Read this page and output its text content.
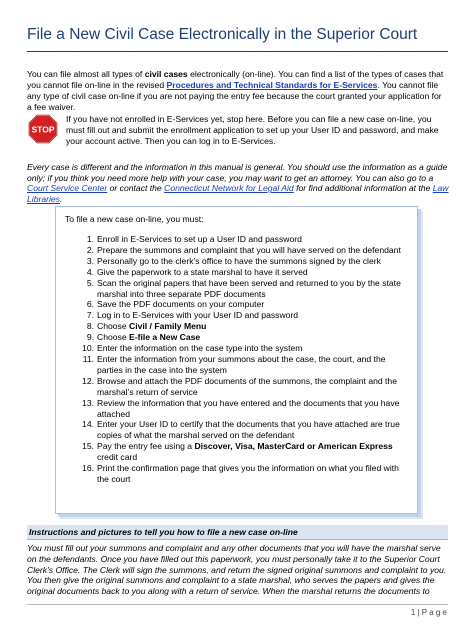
File a New Civil Case Electronically in the Superior Court
You can file almost all types of civil cases electronically (on-line). You can find a list of the types of cases that you cannot file on-line in the revised Procedures and Technical Standards for E-Services. You cannot file any type of civil case on-line if you are not paying the entry fee because the court granted your application for a fee waiver.
STOP
If you have not enrolled in E-Services yet, stop here. Before you can file a new case on-line, you must fill out and submit the enrollment application to set up your User ID and password, and make your account active. Then you can log in to E-Services.
Every case is different and the information in this manual is general. You should use the information as a guide only; if you think you need more help with your case, you may want to get an attorney. You can also go to a Court Service Center or contact the Connecticut Network for Legal Aid for find additional information at the Law Libraries.
To file a new case on-line, you must:
1. Enroll in E-Services to set up a User ID and password
2. Prepare the summons and complaint that you will have served on the defendant
3. Personally go to the clerk’s office to have the summons signed by the clerk
4. Give the paperwork to a state marshal to have it served
5. Scan the original papers that have been served and returned to you by the state marshal into three separate PDF documents
6. Save the PDF documents on your computer
7. Log in to E-Services with your User ID and password
8. Choose Civil / Family Menu
9. Choose E-file a New Case
10. Enter the information on the case type into the system
11. Enter the information from your summons about the case, the court, and the parties in the case into the system
12. Browse and attach the PDF documents of the summons, the complaint and the marshal’s return of service
13. Review the information that you have entered and the documents that you have attached
14. Enter your User ID to certify that the documents that you have attached are true copies of what the marshal served on the defendant
15. Pay the entry fee using a Discover, Visa, MasterCard or American Express credit card
16. Print the confirmation page that gives you the information on what you filed with the court
Instructions and pictures to tell you how to file a new case on-line
You must fill out your summons and complaint and any other documents that you will have the marshal serve on the defendants. Once you have filled out this paperwork, you must personally take it to the Superior Court Clerk’s Office. The Clerk will sign the summons, and return the signed original summons and complaint to you. You then give the original summons and complaint to a state marshal, who serves the papers and gives the original documents back to you along with a return of service. When the marshal returns the documents to
1 | P a g e
